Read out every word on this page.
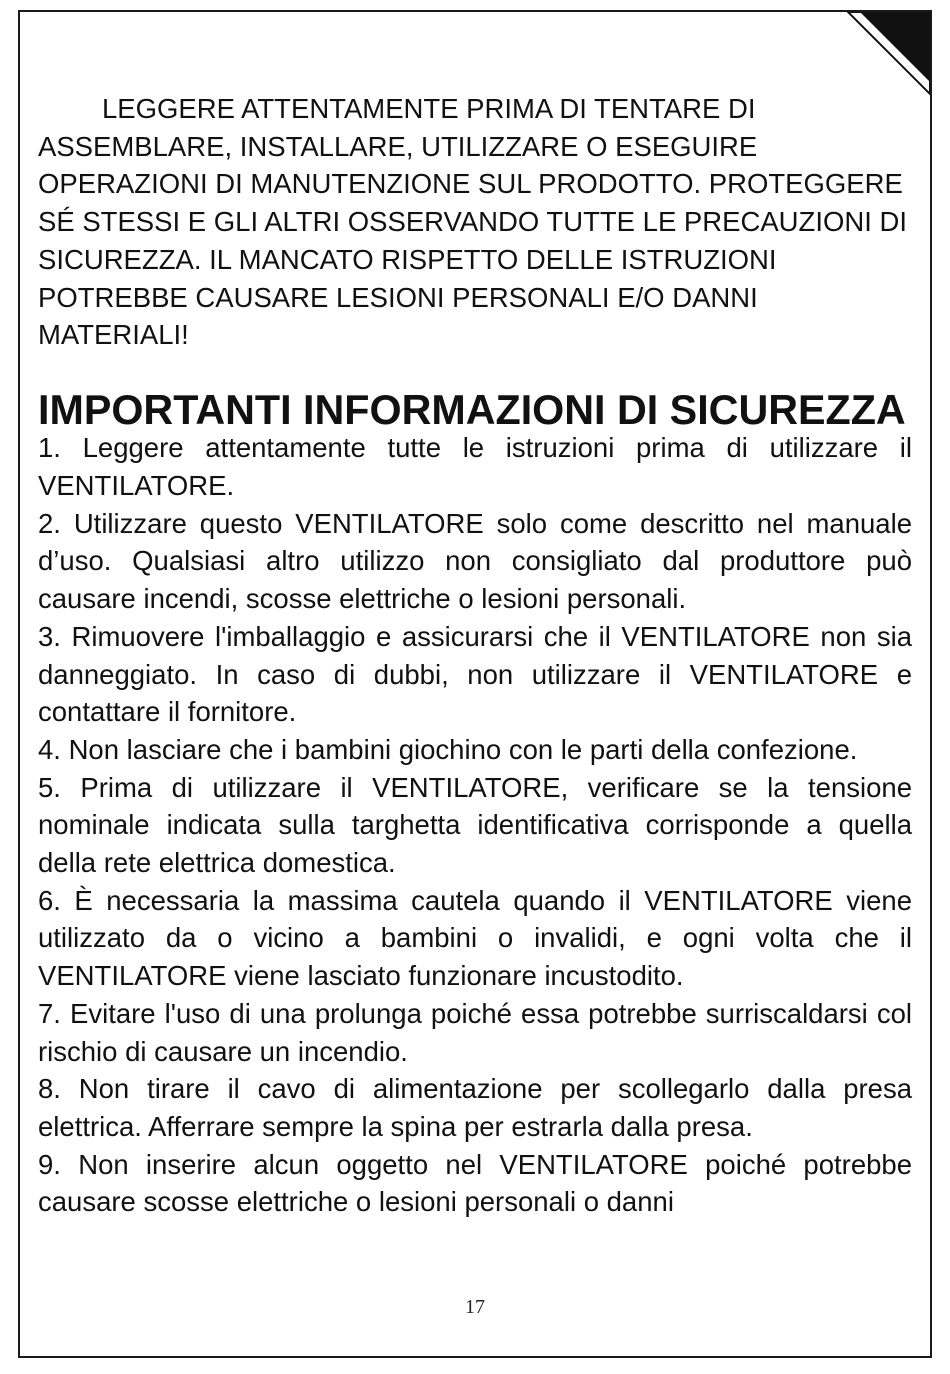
LEGGERE ATTENTAMENTE PRIMA DI TENTARE DI ASSEMBLARE, INSTALLARE, UTILIZZARE O ESEGUIRE OPERAZIONI DI MANUTENZIONE SUL PRODOTTO. PROTEGGERE SÉ STESSI E GLI ALTRI OSSERVANDO TUTTE LE PRECAUZIONI DI SICUREZZA. IL MANCATO RISPETTO DELLE ISTRUZIONI POTREBBE CAUSARE LESIONI PERSONALI E/O DANNI MATERIALI!

IMPORTANTI INFORMAZIONI DI SICUREZZA
1. Leggere attentamente tutte le istruzioni prima di utilizzare il VENTILATORE.
2. Utilizzare questo VENTILATORE solo come descritto nel manuale d’uso. Qualsiasi altro utilizzo non consigliato dal produttore può causare incendi, scosse elettriche o lesioni personali.
3. Rimuovere l'imballaggio e assicurarsi che il VENTILATORE non sia danneggiato. In caso di dubbi, non utilizzare il VENTILATORE e contattare il fornitore.
4. Non lasciare che i bambini giochino con le parti della confezione.
5. Prima di utilizzare il VENTILATORE, verificare se la tensione nominale indicata sulla targhetta identificativa corrisponde a quella della rete elettrica domestica.
6. È necessaria la massima cautela quando il VENTILATORE viene utilizzato da o vicino a bambini o invalidi, e ogni volta che il VENTILATORE viene lasciato funzionare incustodito.
7. Evitare l'uso di una prolunga poiché essa potrebbe surriscaldarsi col rischio di causare un incendio.
8. Non tirare il cavo di alimentazione per scollegarlo dalla presa elettrica. Afferrare sempre la spina per estrarla dalla presa.
9. Non inserire alcun oggetto nel VENTILATORE poiché potrebbe causare scosse elettriche o lesioni personali o danni
17
